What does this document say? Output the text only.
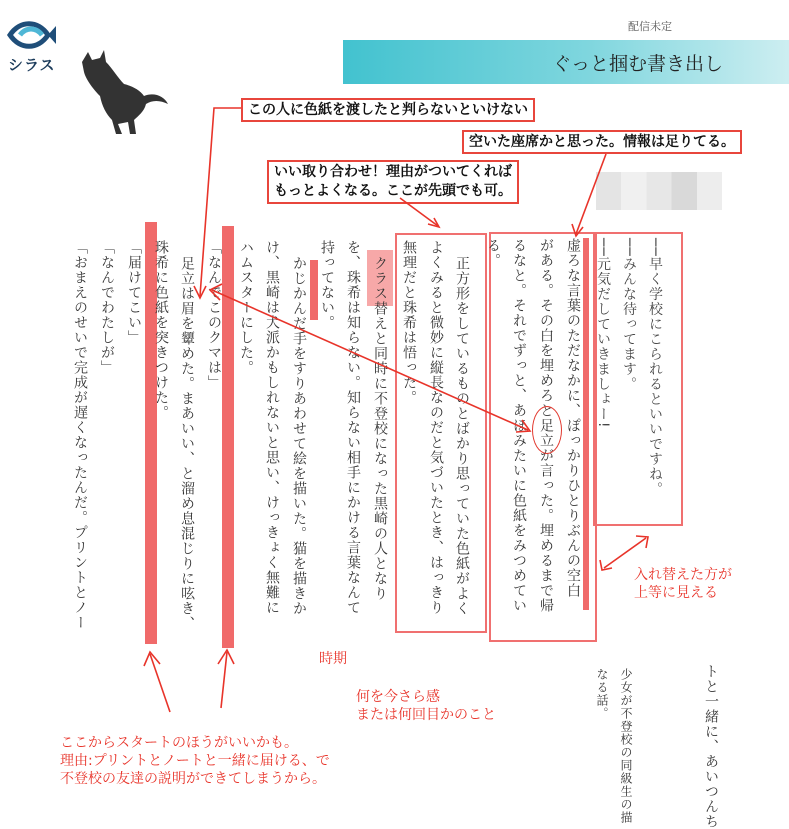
シラス
配信未定
ぐっと掴む書き出し
この人に色紙を渡したと判らないといけない
空いた座席かと思った。情報は足りてる。
いい取り合わせ！理由がついてくれば
もっとよくなる。ここが先頭でも可。
──早く学校にこられるといいですね。
──みんな待ってます。
──元気だしていきましょー!
虚ろな言葉のただなかに、ぽっかりひとりぶんの空白
がある。その白を埋めろと足立が言った。埋めるまで帰
るなと。それでずっと、あほみたいに色紙をみつめてい
る。
正方形をしているものとばかり思っていた色紙がよく
よくみると微妙に縦長なのだと気づいたとき、はっきり
無理だと珠希は悟った。
クラス替えと同時に不登校になった黒崎の人となり
を、珠希は知らない。知らない相手にかける言葉なんて
持ってない。
かじかんだ手をすりあわせて絵を描いた。猫を描きか
け、黒崎は犬派かもしれないと思い、けっきょく無難に
ハムスターにした。
「なんでこのクマは」
足立は眉を顰めた。まあいい、と溜め息混じりに呟き、
珠希に色紙を突きつけた。
「届けてこい」
「なんでわたしが」
「おまえのせいで完成が遅くなったんだ。プリントとノー
トと一緒に、あいつんち
少女が不登校の同級生の描
なる話。
入れ替えた方が
上等に見える
時期
何を今さら感
または何回目かのこと
ここからスタートのほうがいいかも。
理由:プリントとノートと一緒に届ける、で
不登校の友達の説明ができてしまうから。
